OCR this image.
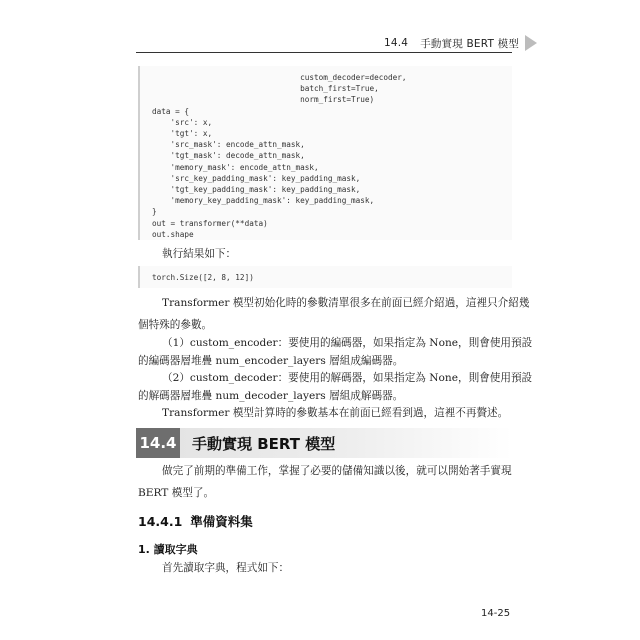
14.4 手動實現 BERT 模型
custom_decoder=decoder,
batch_first=True,
norm_first=True)
data = {
'src': x,
'tgt': x,
'src_mask': encode_attn_mask,
'tgt_mask': decode_attn_mask,
'memory_mask': encode_attn_mask,
'src_key_padding_mask': key_padding_mask,
'tgt_key_padding_mask': key_padding_mask,
'memory_key_padding_mask': key_padding_mask,
}
out = transformer(**data)
out.shape
執行結果如下：
torch.Size([2, 8, 12])
Transformer 模型初始化時的參數清單很多在前面已經介紹過，這裡只介紹幾
個特殊的參數。
（1）custom_encoder：要使用的編碼器，如果指定為 None，則會使用預設
的編碼器層堆疊 num_encoder_layers 層組成編碼器。
（2）custom_decoder：要使用的解碼器，如果指定為 None，則會使用預設
的解碼器層堆疊 num_decoder_layers 層組成解碼器。
Transformer 模型計算時的參數基本在前面已經看到過，這裡不再贅述。
14.4 手動實現 BERT 模型
做完了前期的準備工作，掌握了必要的儲備知識以後，就可以開始著手實現
BERT 模型了。
14.4.1 準備資料集
1. 讀取字典
首先讀取字典，程式如下：
14-25
